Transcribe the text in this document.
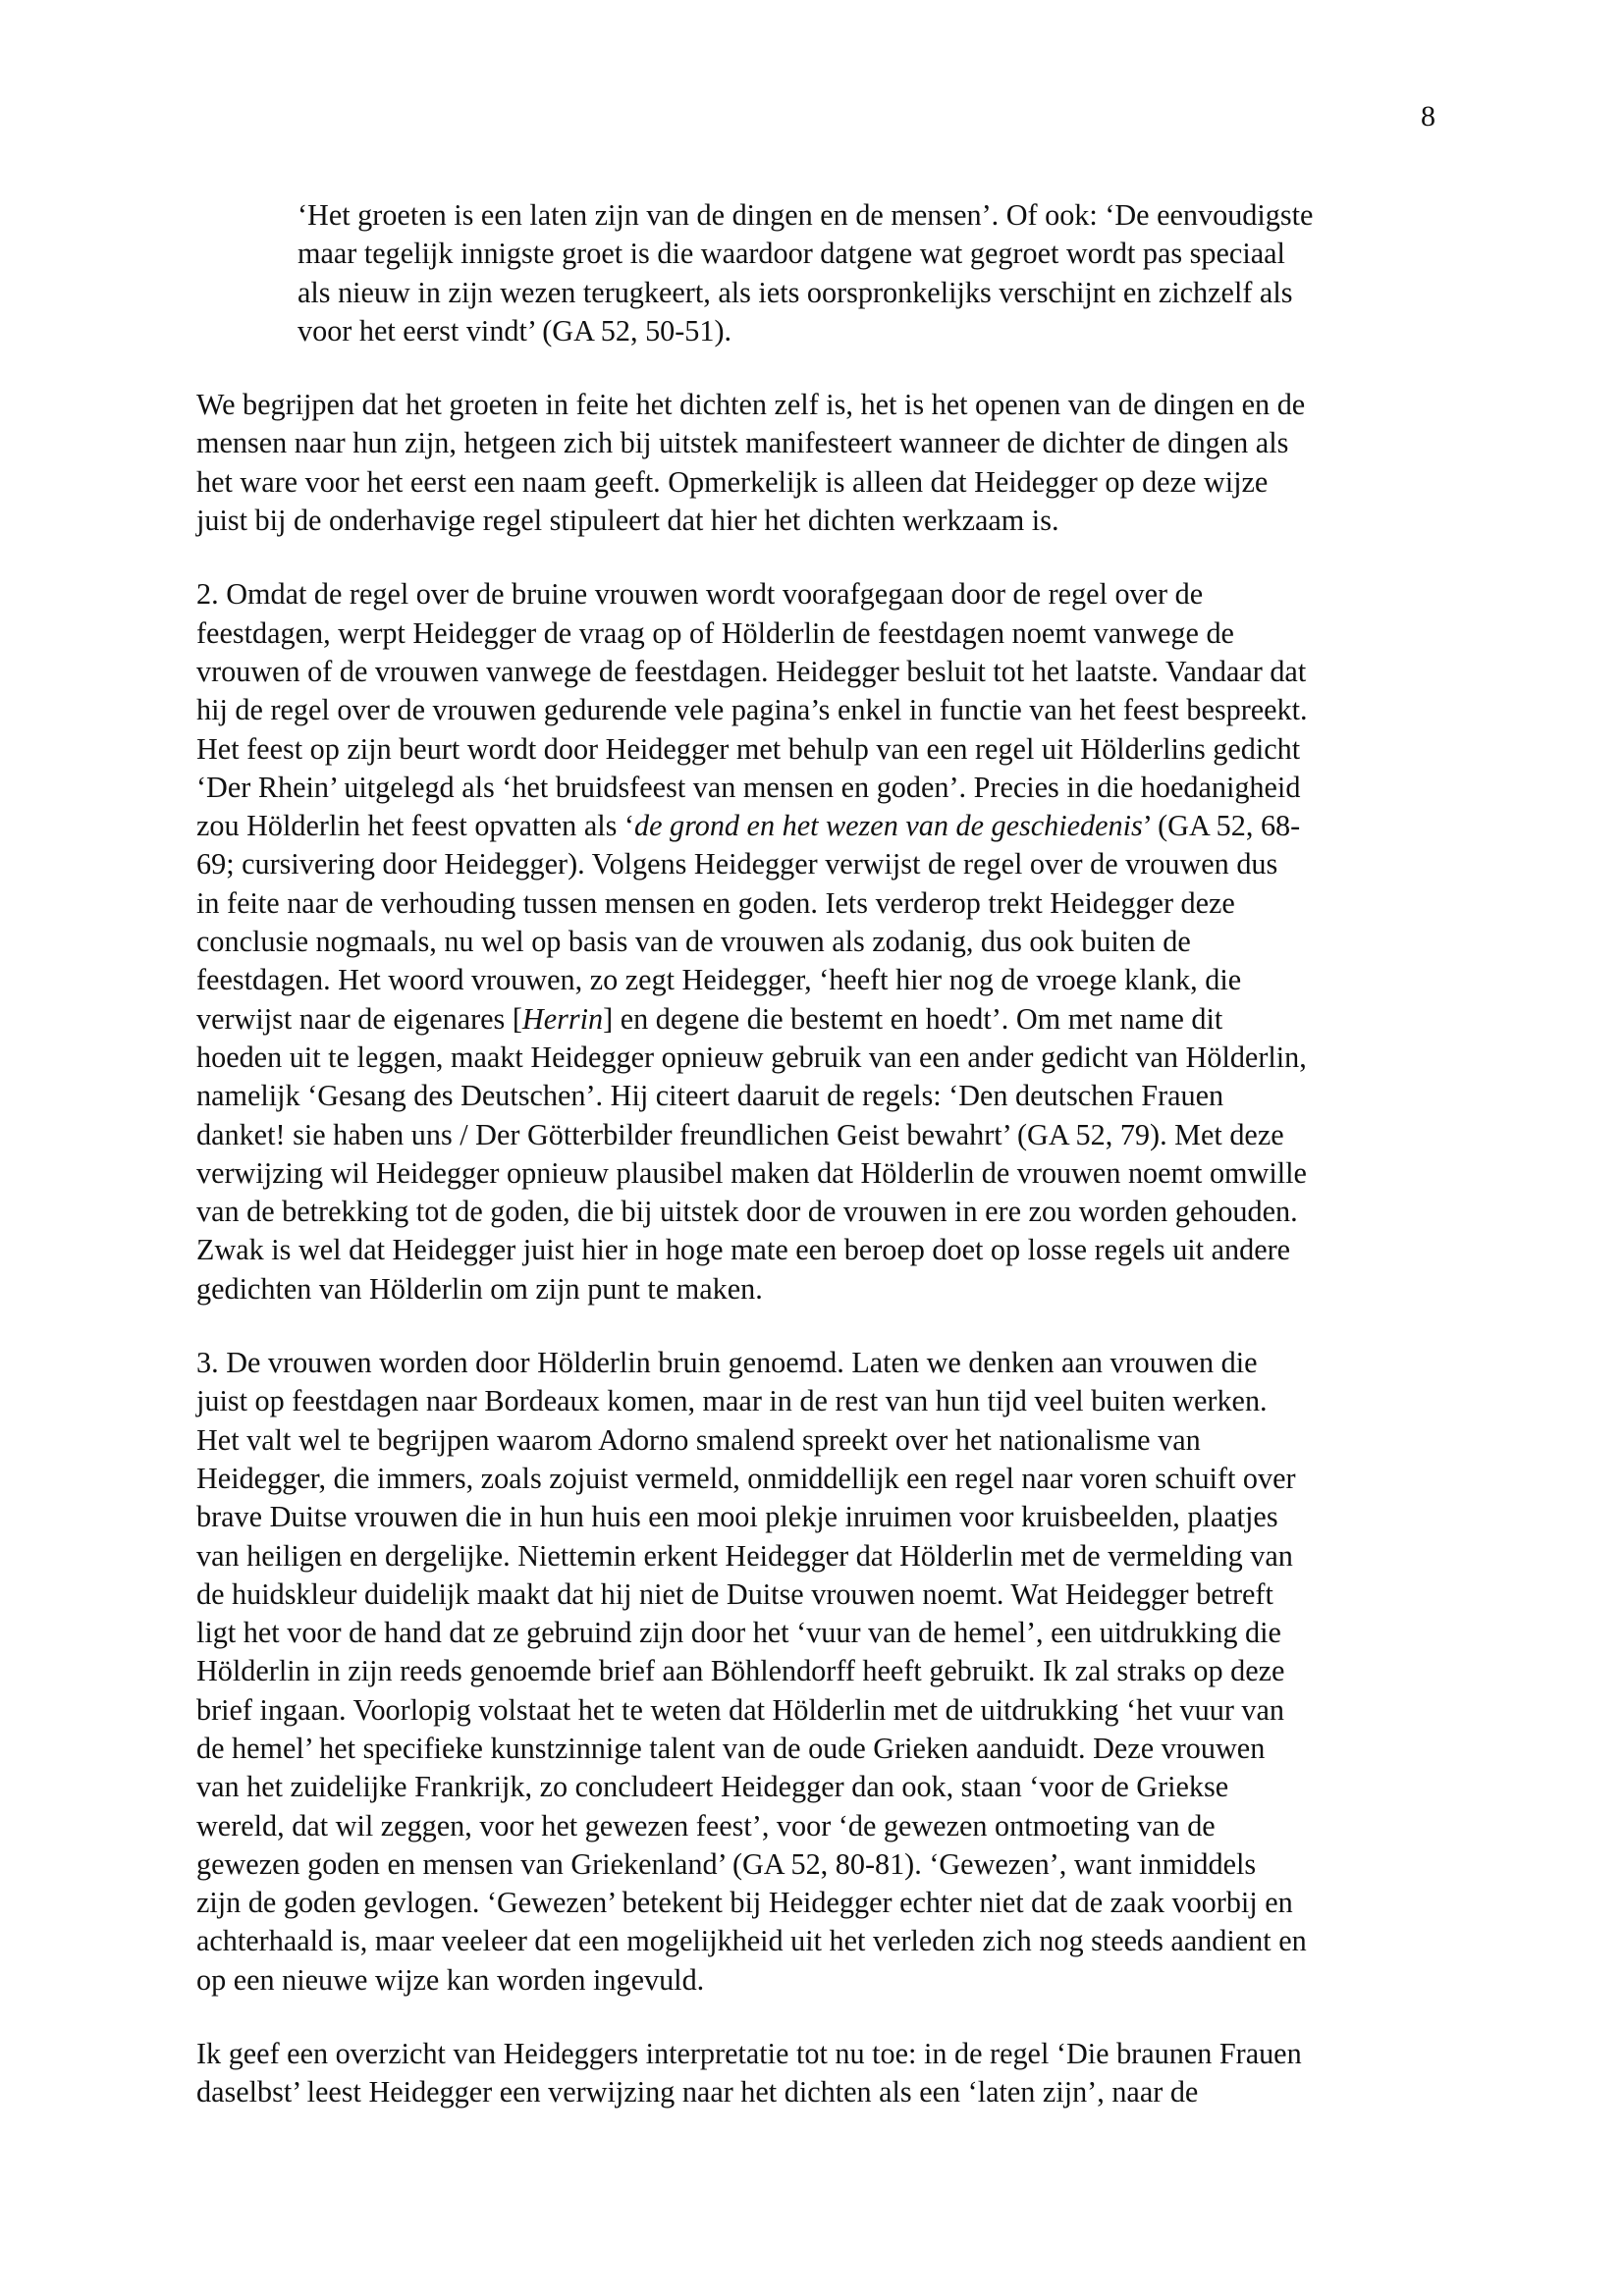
8
‘Het groeten is een laten zijn van de dingen en de mensen’. Of ook: ‘De eenvoudigste
maar tegelijk innigste groet is die waardoor datgene wat gegroet wordt pas speciaal
als nieuw in zijn wezen terugkeert, als iets oorspronkelijks verschijnt en zichzelf als
voor het eerst vindt’ (GA 52, 50-51).
We begrijpen dat het groeten in feite het dichten zelf is, het is het openen van de dingen en de
mensen naar hun zijn, hetgeen zich bij uitstek manifesteert wanneer de dichter de dingen als
het ware voor het eerst een naam geeft. Opmerkelijk is alleen dat Heidegger op deze wijze
juist bij de onderhavige regel stipuleert dat hier het dichten werkzaam is.
2. Omdat de regel over de bruine vrouwen wordt voorafgegaan door de regel over de
feestdagen, werpt Heidegger de vraag op of Hölderlin de feestdagen noemt vanwege de
vrouwen of de vrouwen vanwege de feestdagen. Heidegger besluit tot het laatste. Vandaar dat
hij de regel over de vrouwen gedurende vele pagina’s enkel in functie van het feest bespreekt.
Het feest op zijn beurt wordt door Heidegger met behulp van een regel uit Hölderlins gedicht
‘Der Rhein’ uitgelegd als ‘het bruidsfeest van mensen en goden’. Precies in die hoedanigheid
zou Hölderlin het feest opvatten als ‘de grond en het wezen van de geschiedenis’ (GA 52, 68-
69; cursivering door Heidegger). Volgens Heidegger verwijst de regel over de vrouwen dus
in feite naar de verhouding tussen mensen en goden. Iets verderop trekt Heidegger deze
conclusie nogmaals, nu wel op basis van de vrouwen als zodanig, dus ook buiten de
feestdagen. Het woord vrouwen, zo zegt Heidegger, ‘heeft hier nog de vroege klank, die
verwijst naar de eigenares [Herrin] en degene die bestemt en hoedt’. Om met name dit
hoeden uit te leggen, maakt Heidegger opnieuw gebruik van een ander gedicht van Hölderlin,
namelijk ‘Gesang des Deutschen’. Hij citeert daaruit de regels: ‘Den deutschen Frauen
danket! sie haben uns / Der Götterbilder freundlichen Geist bewahrt’ (GA 52, 79). Met deze
verwijzing wil Heidegger opnieuw plausibel maken dat Hölderlin de vrouwen noemt omwille
van de betrekking tot de goden, die bij uitstek door de vrouwen in ere zou worden gehouden.
Zwak is wel dat Heidegger juist hier in hoge mate een beroep doet op losse regels uit andere
gedichten van Hölderlin om zijn punt te maken.
3. De vrouwen worden door Hölderlin bruin genoemd. Laten we denken aan vrouwen die
juist op feestdagen naar Bordeaux komen, maar in de rest van hun tijd veel buiten werken.
Het valt wel te begrijpen waarom Adorno smalend spreekt over het nationalisme van
Heidegger, die immers, zoals zojuist vermeld, onmiddellijk een regel naar voren schuift over
brave Duitse vrouwen die in hun huis een mooi plekje inruimen voor kruisbeelden, plaatjes
van heiligen en dergelijke. Niettemin erkent Heidegger dat Hölderlin met de vermelding van
de huidskleur duidelijk maakt dat hij niet de Duitse vrouwen noemt. Wat Heidegger betreft
ligt het voor de hand dat ze gebruind zijn door het ‘vuur van de hemel’, een uitdrukking die
Hölderlin in zijn reeds genoemde brief aan Böhlendorff heeft gebruikt. Ik zal straks op deze
brief ingaan. Voorlopig volstaat het te weten dat Hölderlin met de uitdrukking ‘het vuur van
de hemel’ het specifieke kunstzinnige talent van de oude Grieken aanduidt. Deze vrouwen
van het zuidelijke Frankrijk, zo concludeert Heidegger dan ook, staan ‘voor de Griekse
wereld, dat wil zeggen, voor het gewezen feest’, voor ‘de gewezen ontmoeting van de
gewezen goden en mensen van Griekenland’ (GA 52, 80-81). ‘Gewezen’, want inmiddels
zijn de goden gevlogen. ‘Gewezen’ betekent bij Heidegger echter niet dat de zaak voorbij en
achterhaald is, maar veeleer dat een mogelijkheid uit het verleden zich nog steeds aandient en
op een nieuwe wijze kan worden ingevuld.
Ik geef een overzicht van Heideggers interpretatie tot nu toe: in de regel ‘Die braunen Frauen
daselbst’ leest Heidegger een verwijzing naar het dichten als een ‘laten zijn’, naar de
